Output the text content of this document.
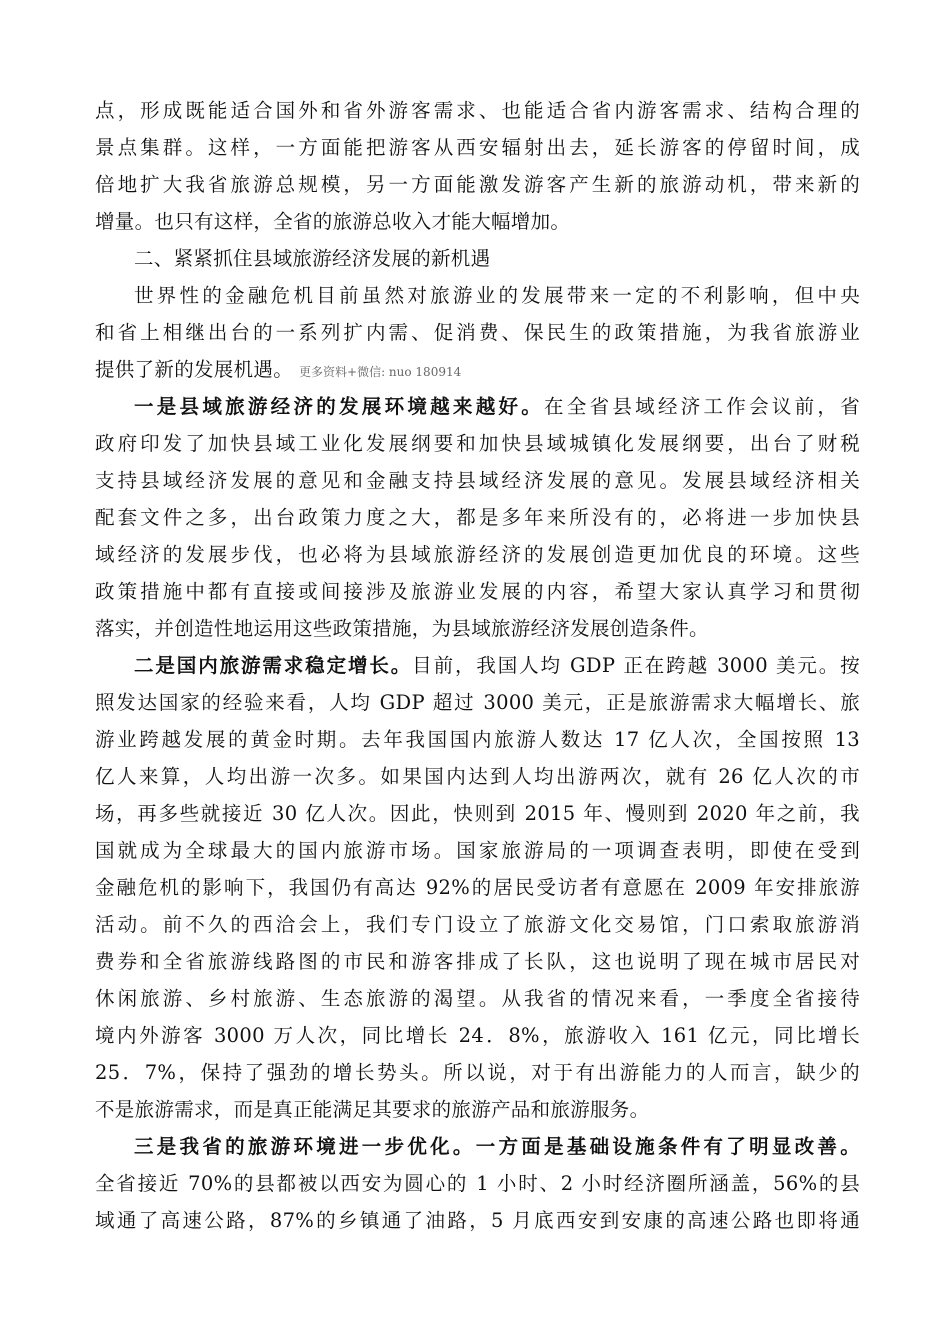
点，形成既能适合国外和省外游客需求、也能适合省内游客需求、结构合理的
景点集群。这样，一方面能把游客从西安辐射出去，延长游客的停留时间，成
倍地扩大我省旅游总规模，另一方面能激发游客产生新的旅游动机，带来新的
增量。也只有这样，全省的旅游总收入才能大幅增加。
二、紧紧抓住县域旅游经济发展的新机遇
世界性的金融危机目前虽然对旅游业的发展带来一定的不利影响，但中央
和省上相继出台的一系列扩内需、促消费、保民生的政策措施，为我省旅游业
提供了新的发展机遇。 更多资料+微信: nuo 180914
一是县域旅游经济的发展环境越来越好。在全省县域经济工作会议前，省
政府印发了加快县域工业化发展纲要和加快县域城镇化发展纲要，出台了财税
支持县域经济发展的意见和金融支持县域经济发展的意见。发展县域经济相关
配套文件之多，出台政策力度之大，都是多年来所没有的，必将进一步加快县
域经济的发展步伐，也必将为县域旅游经济的发展创造更加优良的环境。这些
政策措施中都有直接或间接涉及旅游业发展的内容，希望大家认真学习和贯彻
落实，并创造性地运用这些政策措施，为县域旅游经济发展创造条件。
二是国内旅游需求稳定增长。目前，我国人均 GDP 正在跨越 3000 美元。按
照发达国家的经验来看，人均 GDP 超过 3000 美元，正是旅游需求大幅增长、旅
游业跨越发展的黄金时期。去年我国国内旅游人数达 17 亿人次，全国按照 13
亿人来算，人均出游一次多。如果国内达到人均出游两次，就有 26 亿人次的市
场，再多些就接近 30 亿人次。因此，快则到 2015 年、慢则到 2020 年之前，我
国就成为全球最大的国内旅游市场。国家旅游局的一项调查表明，即使在受到
金融危机的影响下，我国仍有高达 92%的居民受访者有意愿在 2009 年安排旅游
活动。前不久的西洽会上，我们专门设立了旅游文化交易馆，门口索取旅游消
费券和全省旅游线路图的市民和游客排成了长队，这也说明了现在城市居民对
休闲旅游、乡村旅游、生态旅游的渴望。从我省的情况来看，一季度全省接待
境内外游客 3000 万人次，同比增长 24．8%，旅游收入 161 亿元，同比增长
25．7%，保持了强劲的增长势头。所以说，对于有出游能力的人而言，缺少的
不是旅游需求，而是真正能满足其要求的旅游产品和旅游服务。
三是我省的旅游环境进一步优化。一方面是基础设施条件有了明显改善。
全省接近 70%的县都被以西安为圆心的 1 小时、2 小时经济圈所涵盖，56%的县
域通了高速公路，87%的乡镇通了油路，5 月底西安到安康的高速公路也即将通
